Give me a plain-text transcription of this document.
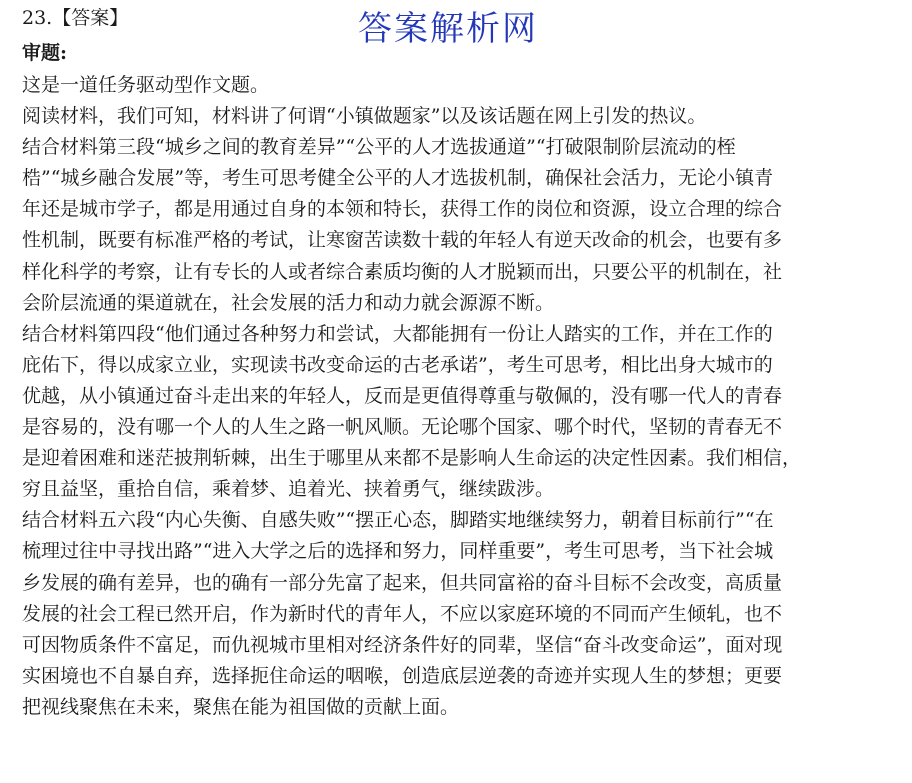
23.【答案】	答案解析网
审题:
这是一道任务驱动型作文题。
阅读材料，我们可知，材料讲了何谓“小镇做题家”以及该话题在网上引发的热议。
结合材料第三段“城乡之间的教育差异”“公平的人才选拔通道”“打破限制阶层流动的桎
梏”“城乡融合发展”等，考生可思考健全公平的人才选拔机制，确保社会活力，无论小镇青
年还是城市学子，都是用通过自身的本领和特长，获得工作的岗位和资源，设立合理的综合
性机制，既要有标准严格的考试，让寒窗苦读数十载的年轻人有逆天改命的机会，也要有多
样化科学的考察，让有专长的人或者综合素质均衡的人才脱颖而出，只要公平的机制在，社
会阶层流通的渠道就在，社会发展的活力和动力就会源源不断。
结合材料第四段“他们通过各种努力和尝试，大都能拥有一份让人踏实的工作，并在工作的
庇佑下，得以成家立业，实现读书改变命运的古老承诺”，考生可思考，相比出身大城市的
优越，从小镇通过奋斗走出来的年轻人，反而是更值得尊重与敬佩的，没有哪一代人的青春
是容易的，没有哪一个人的人生之路一帆风顺。无论哪个国家、哪个时代，坚韧的青春无不
是迎着困难和迷茫披荆斩棘，出生于哪里从来都不是影响人生命运的决定性因素。我们相信，
穷且益坚，重拾自信，乘着梦、追着光、挟着勇气，继续跋涉。
结合材料五六段“内心失衡、自感失败”“摆正心态，脚踏实地继续努力，朝着目标前行”“在
梳理过往中寻找出路”“进入大学之后的选择和努力，同样重要”，考生可思考，当下社会城
乡发展的确有差异，也的确有一部分先富了起来，但共同富裕的奋斗目标不会改变，高质量
发展的社会工程已然开启，作为新时代的青年人，不应以家庭环境的不同而产生倾轧，也不
可因物质条件不富足，而仇视城市里相对经济条件好的同辈，坚信“奋斗改变命运”，面对现
实困境也不自暴自弃，选择扼住命运的咽喉，创造底层逆袭的奇迹并实现人生的梦想；更要
把视线聚焦在未来，聚焦在能为祖国做的贡献上面。
